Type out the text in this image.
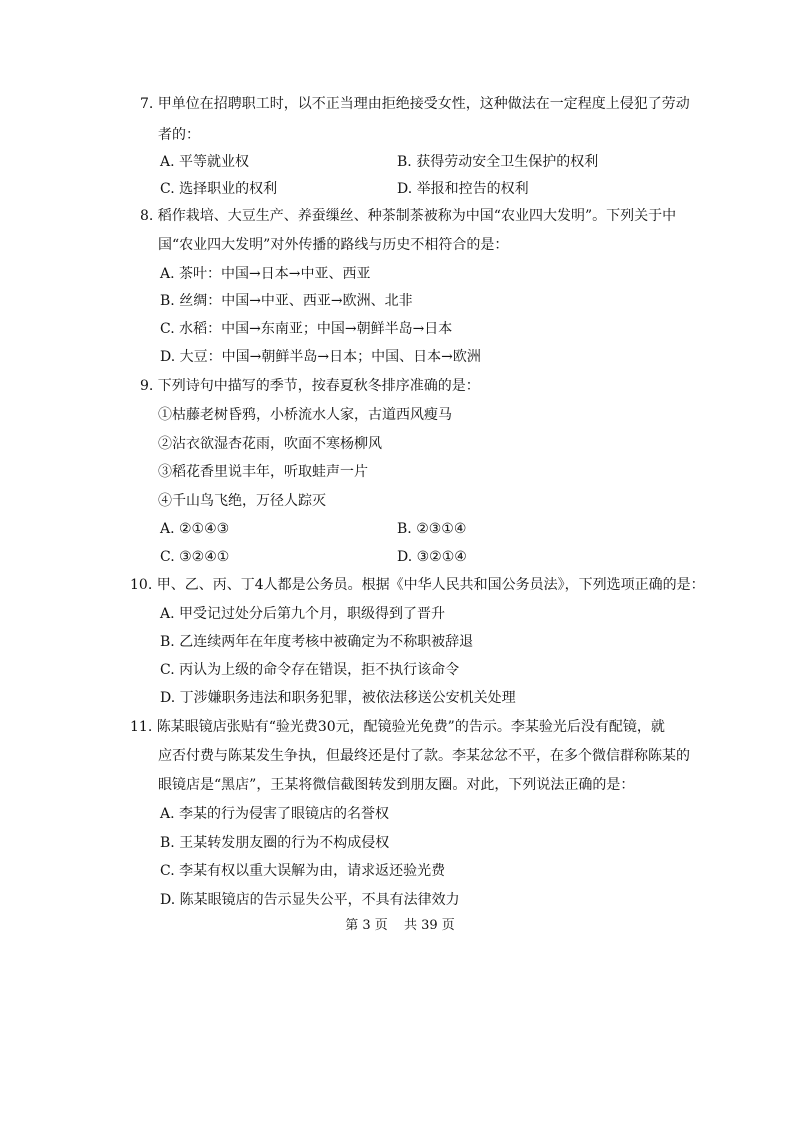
7. 甲单位在招聘职工时，以不正当理由拒绝接受女性，这种做法在一定程度上侵犯了劳动
者的：
A. 平等就业权	B. 获得劳动安全卫生保护的权利
C. 选择职业的权利	D. 举报和控告的权利
8. 稻作栽培、大豆生产、养蚕缫丝、种茶制茶被称为中国“农业四大发明”。下列关于中
国“农业四大发明”对外传播的路线与历史不相符合的是：
A. 茶叶：中国→日本→中亚、西亚
B. 丝绸：中国→中亚、西亚→欧洲、北非
C. 水稻：中国→东南亚；中国→朝鲜半岛→日本
D. 大豆：中国→朝鲜半岛→日本；中国、日本→欧洲
9. 下列诗句中描写的季节，按春夏秋冬排序准确的是：
①枯藤老树昏鸦，小桥流水人家，古道西风瘦马
②沾衣欲湿杏花雨，吹面不寒杨柳风
③稻花香里说丰年，听取蛙声一片
④千山鸟飞绝，万径人踪灭
A. ②①④③	B. ②③①④
C. ③②④①	D. ③②①④
10. 甲、乙、丙、丁4人都是公务员。根据《中华人民共和国公务员法》，下列选项正确的是：
A. 甲受记过处分后第九个月，职级得到了晋升
B. 乙连续两年在年度考核中被确定为不称职被辞退
C. 丙认为上级的命令存在错误，拒不执行该命令
D. 丁涉嫌职务违法和职务犯罪，被依法移送公安机关处理
11. 陈某眼镜店张贴有“验光费30元，配镜验光免费”的告示。李某验光后没有配镜，就
应否付费与陈某发生争执，但最终还是付了款。李某忿忿不平，在多个微信群称陈某的
眼镜店是“黑店”，王某将微信截图转发到朋友圈。对此，下列说法正确的是：
A. 李某的行为侵害了眼镜店的名誉权
B. 王某转发朋友圈的行为不构成侵权
C. 李某有权以重大误解为由，请求返还验光费
D. 陈某眼镜店的告示显失公平，不具有法律效力
第 3 页 共 39 页
